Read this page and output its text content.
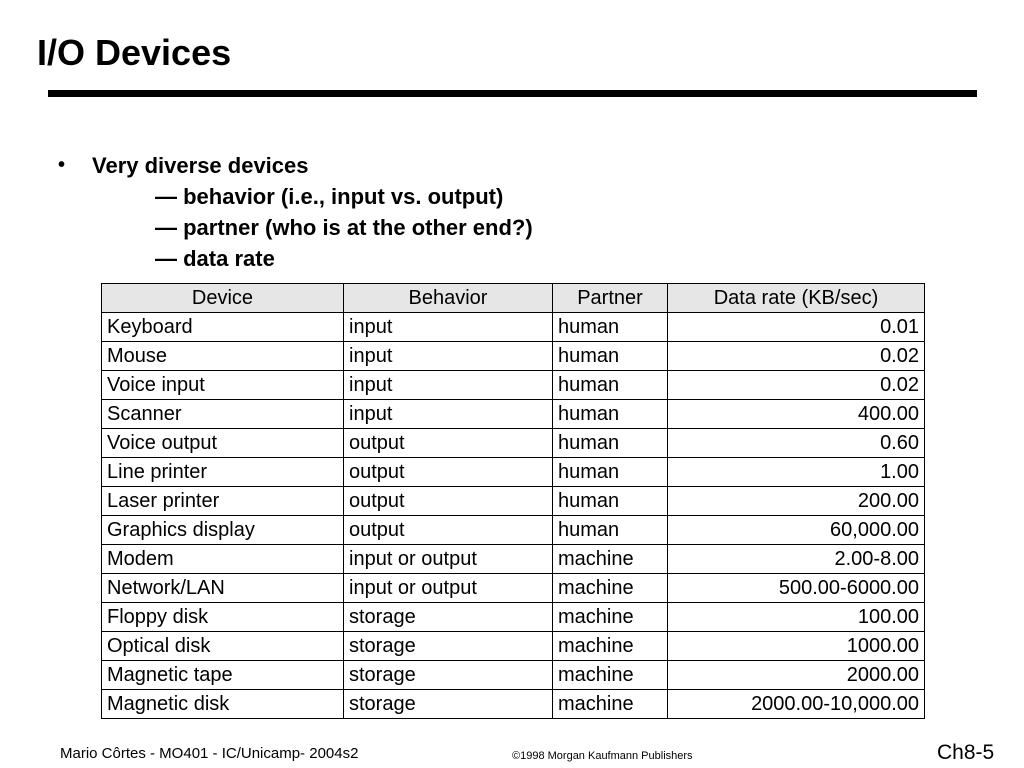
I/O Devices
• Very diverse devices
— behavior (i.e., input vs. output)
— partner (who is at the other end?)
— data rate
Device	Behavior	Partner	Data rate (KB/sec)
Keyboard	input	human	0.01
Mouse	input	human	0.02
Voice input	input	human	0.02
Scanner	input	human	400.00
Voice output	output	human	0.60
Line printer	output	human	1.00
Laser printer	output	human	200.00
Graphics display	output	human	60,000.00
Modem	input or output	machine	2.00-8.00
Network/LAN	input or output	machine	500.00-6000.00
Floppy disk	storage	machine	100.00
Optical disk	storage	machine	1000.00
Magnetic tape	storage	machine	2000.00
Magnetic disk	storage	machine	2000.00-10,000.00
Mario Côrtes - MO401 - IC/Unicamp- 2004s2	©1998 Morgan Kaufmann Publishers	Ch8-5
